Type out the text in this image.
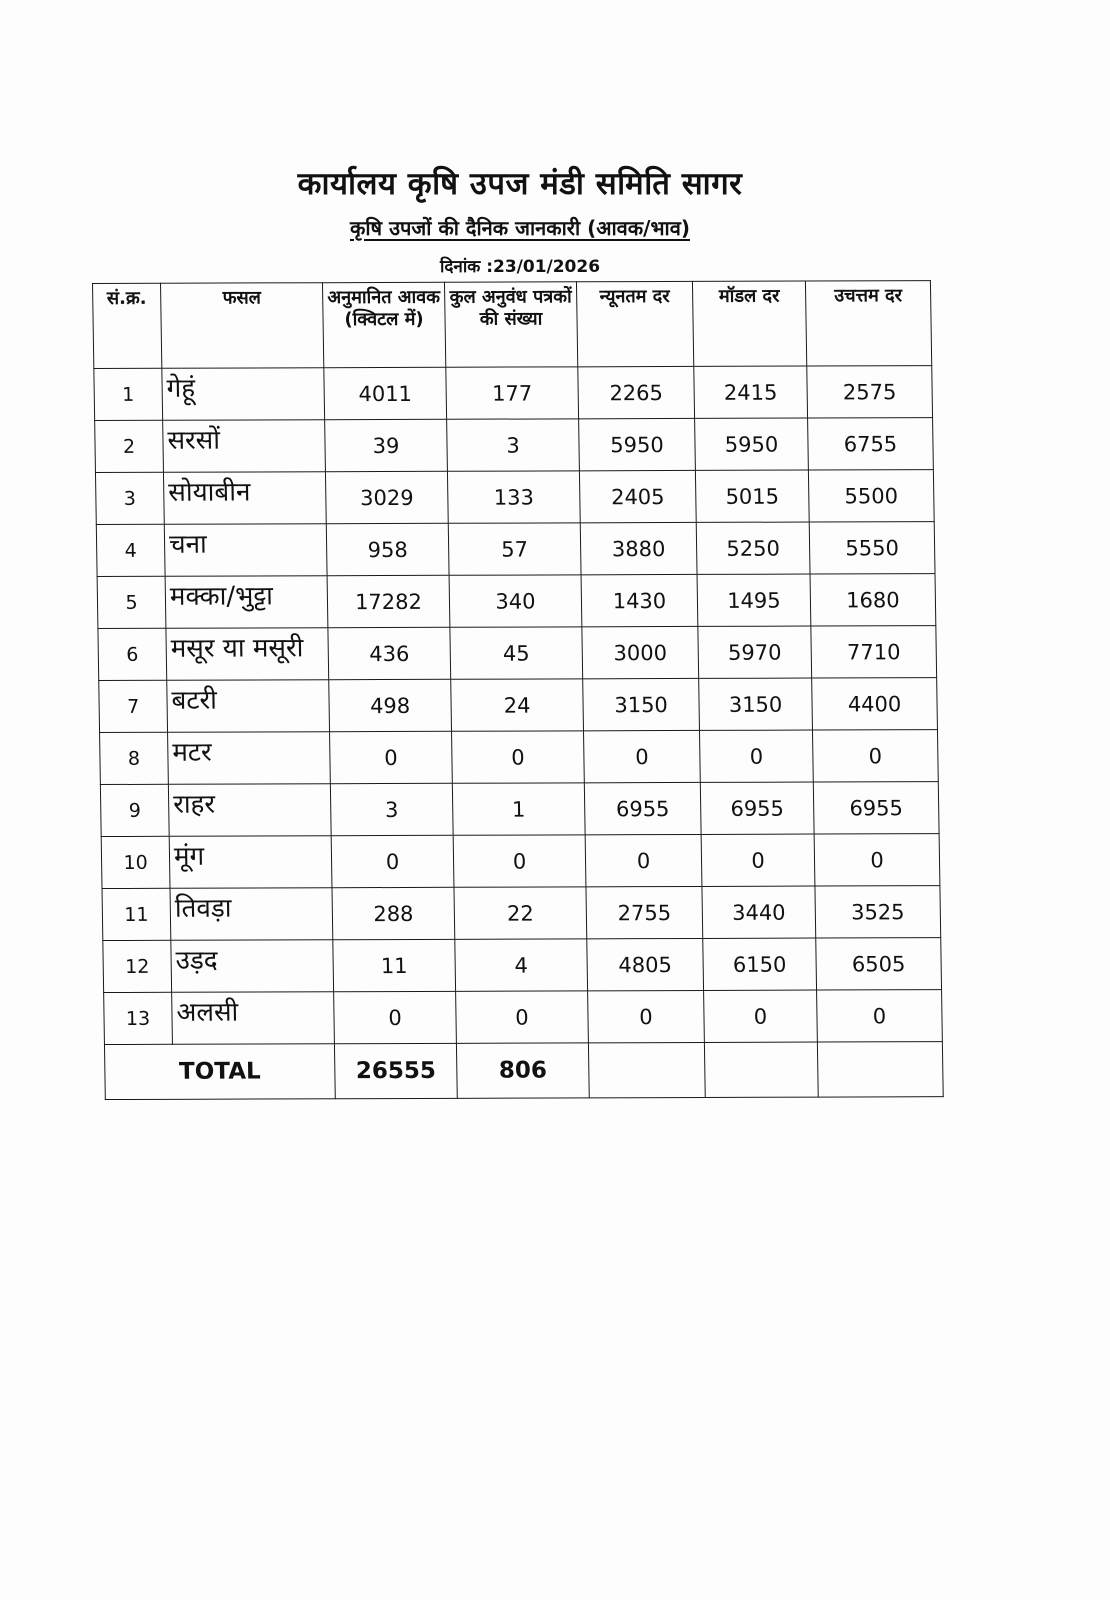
कार्यालय कृषि उपज मंडी समिति सागर
कृषि उपजों की दैनिक जानकारी (आवक/भाव)
दिनांक :23/01/2026
सं.क्र.	फसल	अनुमानित आवक (क्विटल में)	कुल अनुवंध पत्रकों की संख्या	न्यूनतम दर	मॉडल दर	उचत्तम दर
1	गेहूं	4011	177	2265	2415	2575
2	सरसों	39	3	5950	5950	6755
3	सोयाबीन	3029	133	2405	5015	5500
4	चना	958	57	3880	5250	5550
5	मक्का/भुट्टा	17282	340	1430	1495	1680
6	मसूर या मसूरी	436	45	3000	5970	7710
7	बटरी	498	24	3150	3150	4400
8	मटर	0	0	0	0	0
9	राहर	3	1	6955	6955	6955
10	मूंग	0	0	0	0	0
11	तिवड़ा	288	22	2755	3440	3525
12	उड़द	11	4	4805	6150	6505
13	अलसी	0	0	0	0	0
TOTAL		26555	806			
